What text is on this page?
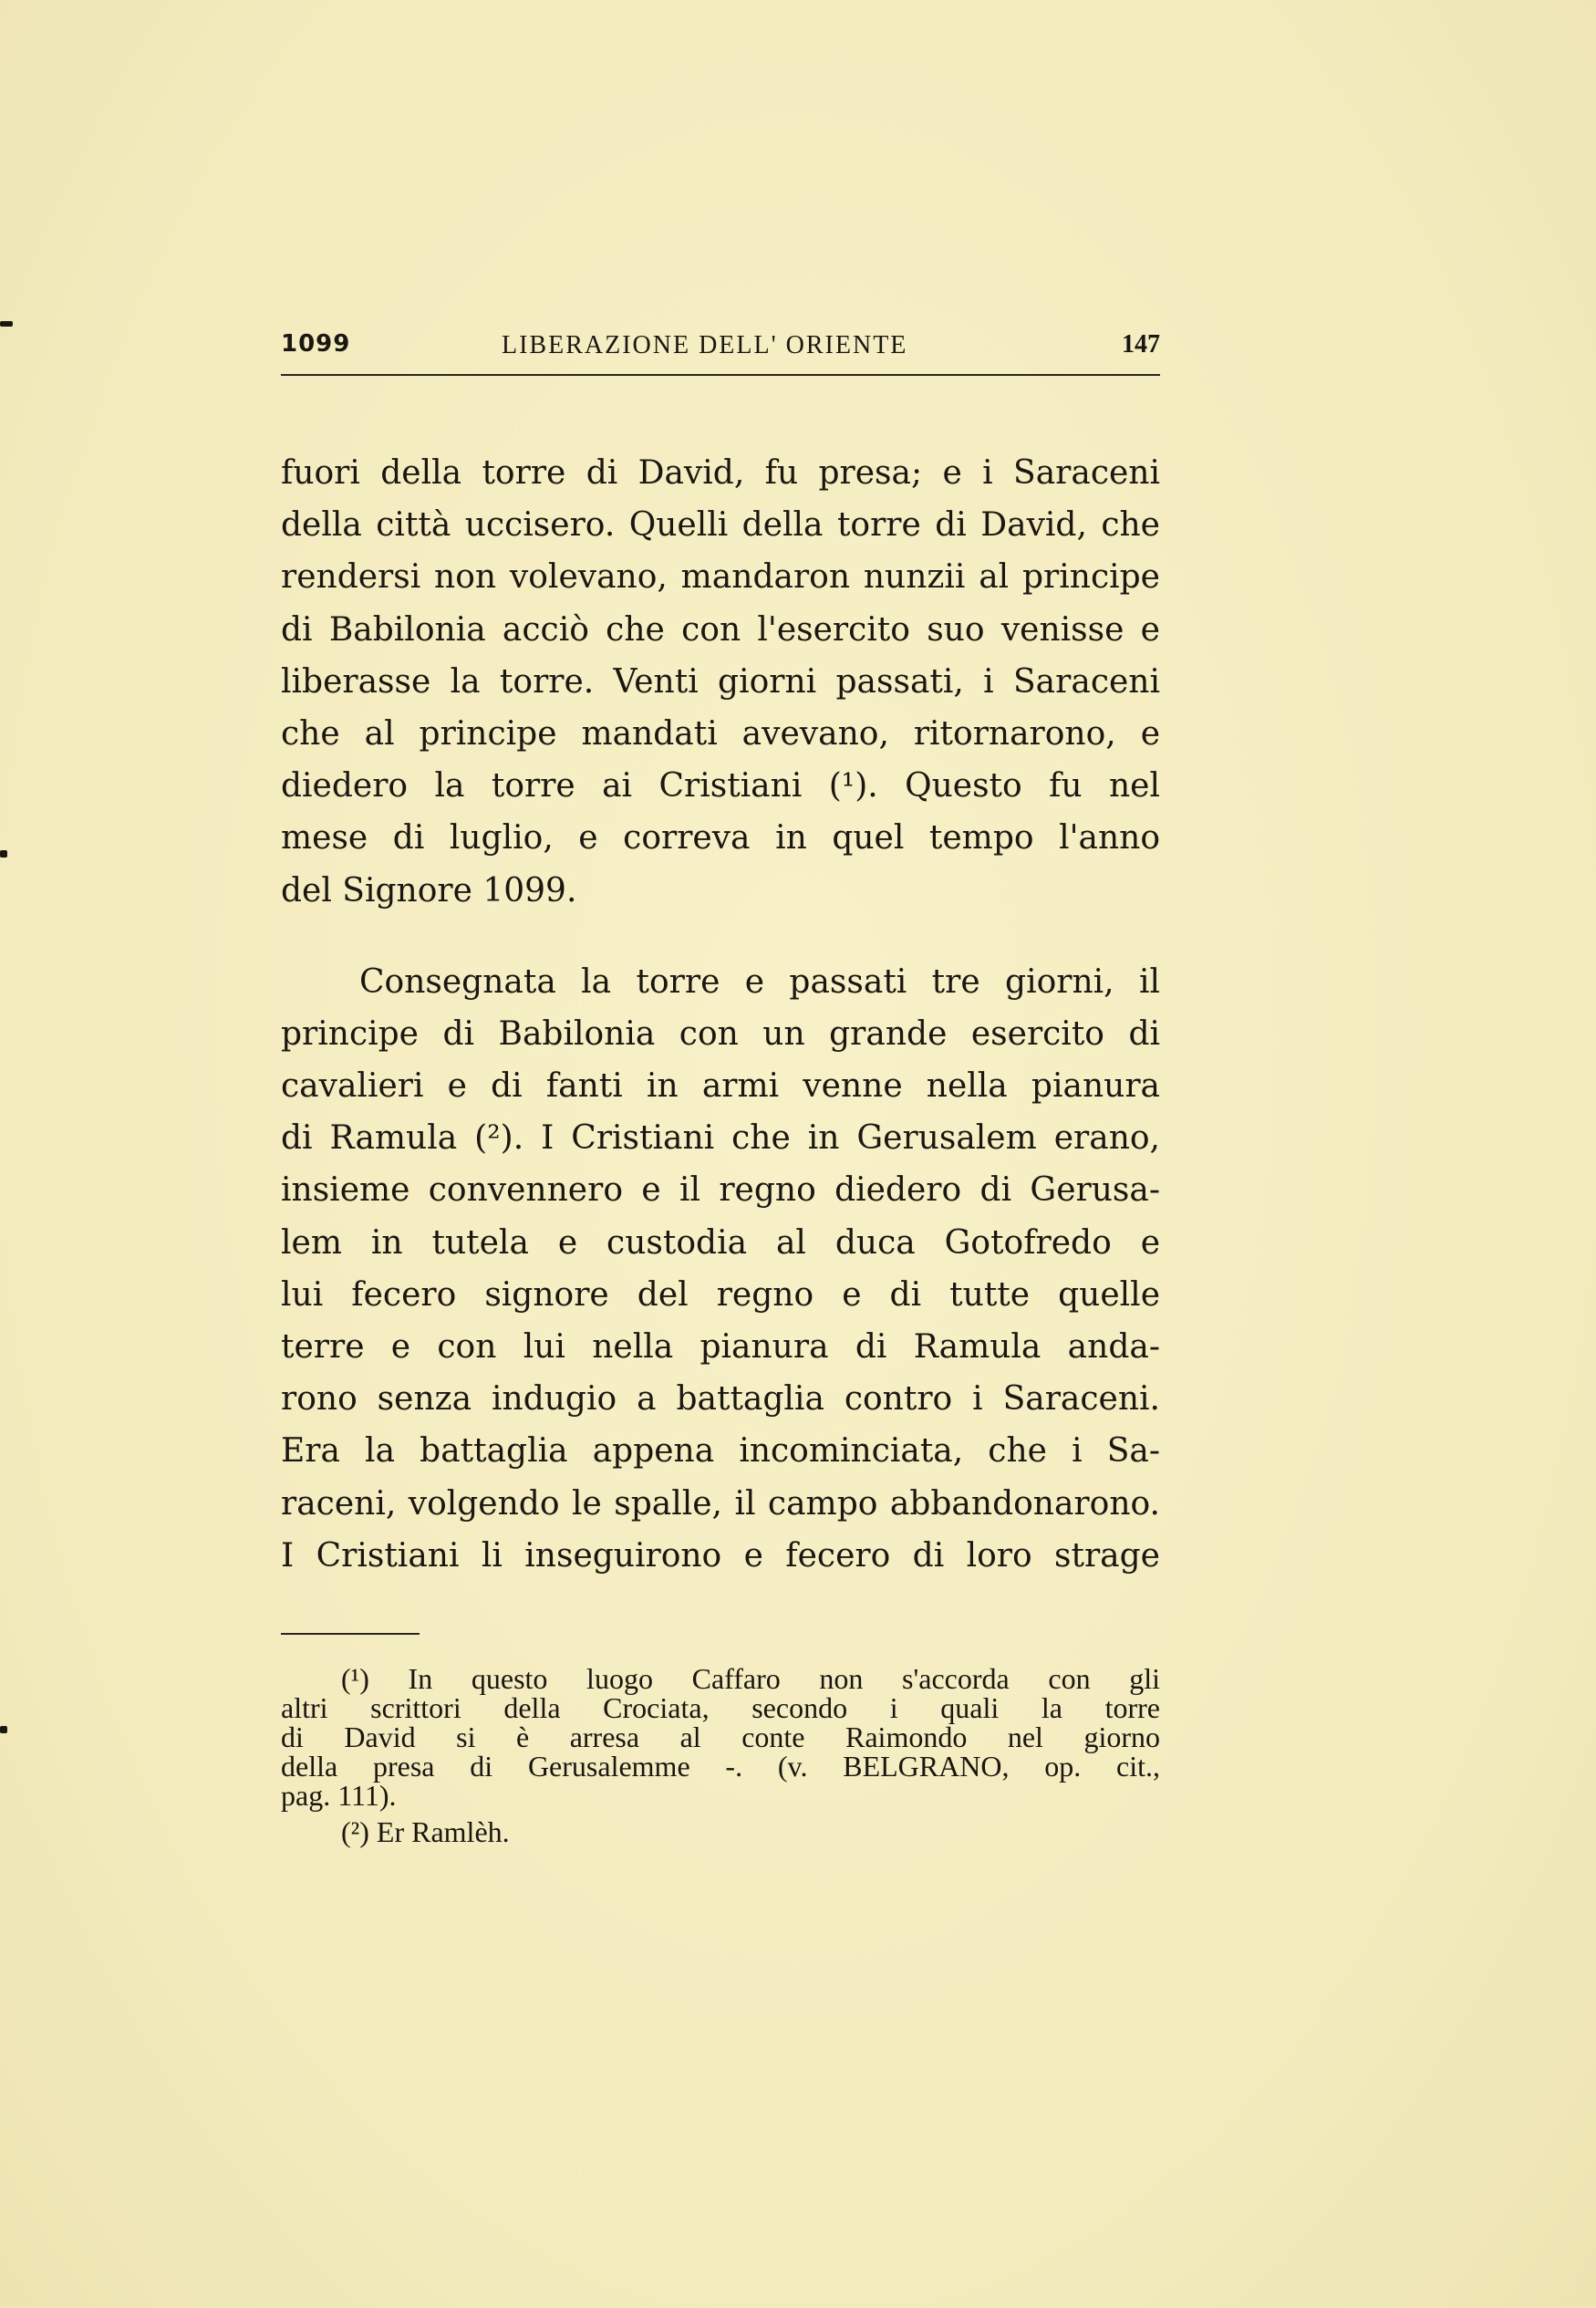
1099	LIBERAZIONE DELL' ORIENTE	147
fuori della torre di David, fu presa; e i Saraceni
della città uccisero. Quelli della torre di David, che
rendersi non volevano, mandaron nunzii al principe
di Babilonia acciò che con l'esercito suo venisse e
liberasse la torre. Venti giorni passati, i Saraceni
che al principe mandati avevano, ritornarono, e
diedero la torre ai Cristiani (¹). Questo fu nel
mese di luglio, e correva in quel tempo l'anno
del Signore 1099.
Consegnata la torre e passati tre giorni, il
principe di Babilonia con un grande esercito di
cavalieri e di fanti in armi venne nella pianura
di Ramula (²). I Cristiani che in Gerusalem erano,
insieme convennero e il regno diedero di Gerusa-
lem in tutela e custodia al duca Gotofredo e
lui fecero signore del regno e di tutte quelle
terre e con lui nella pianura di Ramula anda-
rono senza indugio a battaglia contro i Saraceni.
Era la battaglia appena incominciata, che i Sa-
raceni, volgendo le spalle, il campo abbandonarono.
I Cristiani li inseguirono e fecero di loro strage
(¹) In questo luogo Caffaro non s'accorda con gli
altri scrittori della Crociata, secondo i quali la torre
di David si è arresa al conte Raimondo nel giorno
della presa di Gerusalemme -. (v. BELGRANO, op. cit.,
pag. 111).
(²) Er Ramlèh.
